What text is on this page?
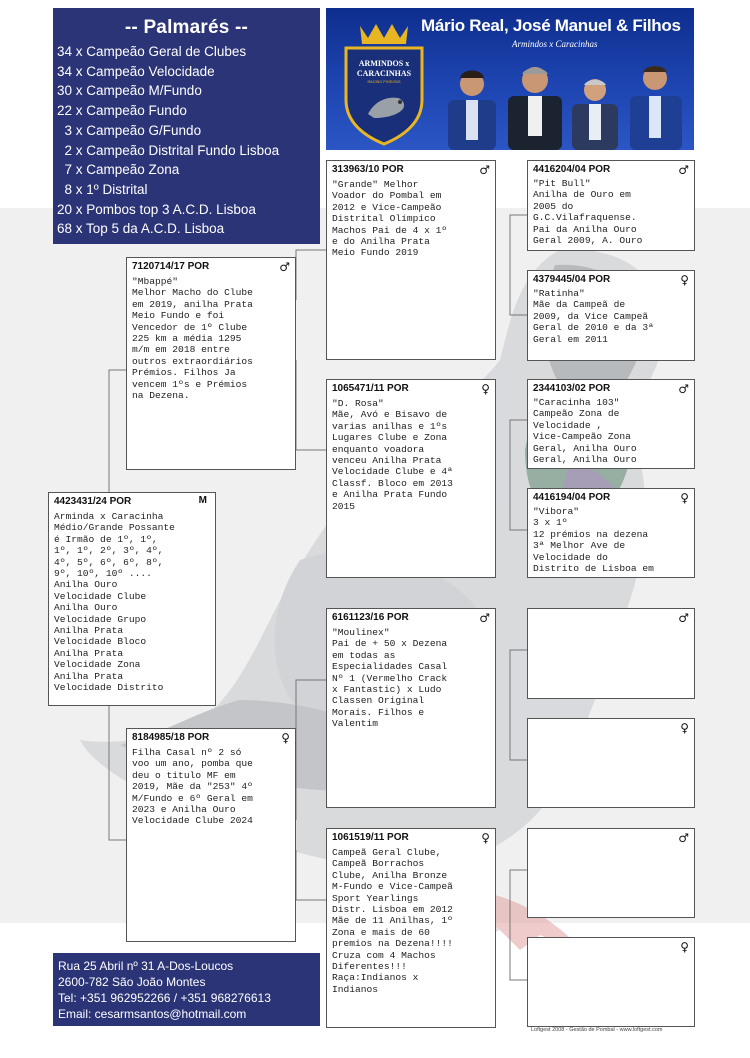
-- Palmarés --
34 x Campeão Geral de Clubes
34 x Campeão Velocidade
30 x Campeão M/Fundo
22 x Campeão Fundo
3 x Campeão G/Fundo
2 x Campeão Distrital Fundo Lisboa
7 x Campeão Zona
8 x 1º Distrital
20 x Pombos top 3 A.C.D. Lisboa
68 x Top 5 da A.C.D. Lisboa
Mário Real, José Manuel & Filhos
Armindos x Caracinhas
ARMINDOS x
CARACINHAS
RACING PIGEONS
4423431/24 POR	M
Arminda x Caracinha
Médio/Grande Possante
é Irmão de 1º, 1º,
1º, 1º, 2º, 3º, 4º,
4º, 5º, 6º, 6º, 8º,
9º, 10º, 10º ....
Anilha Ouro
Velocidade Clube
Anilha Ouro
Velocidade Grupo
Anilha Prata
Velocidade Bloco
Anilha Prata
Velocidade Zona
Anilha Prata
Velocidade Distrito
7120714/17 POR	♂
"Mbappé"
Melhor Macho do Clube
em 2019, anilha Prata
Meio Fundo e foi
Vencedor de 1º Clube
225 km a média 1295
m/m em 2018 entre
outros extraordiários
Prémios. Filhos Ja
vencem 1ºs e Prémios
na Dezena.
8184985/18 POR	♀
Filha Casal nº 2 só
voo um ano, pomba que
deu o titulo MF em
2019, Mãe da "253" 4º
M/Fundo e 6º Geral em
2023 e Anilha Ouro
Velocidade Clube 2024
313963/10 POR	♂
"Grande" Melhor
Voador do Pombal em
2012 e Vice-Campeão
Distrital Olímpico
Machos Pai de 4 x 1º
e do Anilha Prata
Meio Fundo 2019
1065471/11 POR	♀
"D. Rosa"
Mãe, Avó e Bisavo de
varias anilhas e 1ºs
Lugares Clube e Zona
enquanto voadora
venceu Anilha Prata
Velocidade Clube e 4ª
Classf. Bloco em 2013
e Anilha Prata Fundo
2015
6161123/16 POR	♂
"Moulinex"
Pai de + 50 x Dezena
em todas as
Especialidades Casal
Nº 1 (Vermelho Crack
x Fantastic) x Ludo
Classen Original
Morais. Filhos e
Valentim
1061519/11 POR	♀
Campeã Geral Clube,
Campeã Borrachos
Clube, Anilha Bronze
M-Fundo e Vice-Campeã
Sport Yearlings
Distr. Lisboa em 2012
Mãe de 11 Anilhas, 1º
Zona e mais de 60
premios na Dezena!!!!
Cruza com 4 Machos
Diferentes!!!
Raça:Indianos x
Indianos
4416204/04 POR	♂
"Pit Bull"
Anilha de Ouro em
2005 do
G.C.Vilafraquense.
Pai da Anilha Ouro
Geral 2009, A. Ouro
4379445/04 POR	♀
"Ratinha"
Mãe da Campeã de
2009, da Vice Campeã
Geral de 2010 e da 3ª
Geral em 2011
2344103/02 POR	♂
"Caracinha 103"
Campeão Zona de
Velocidade ,
Vice-Campeão Zona
Geral, Anilha Ouro
Geral, Anilha Ouro
4416194/04 POR	♀
"Vibora"
3 x 1º
12 prémios na dezena
3ª Melhor Ave de
Velocidade do
Distrito de Lisboa em
♂
♀
♂
♀
Rua 25 Abril nº 31 A-Dos-Loucos
2600-782 São João Montes
Tel: +351 962952266 / +351 968276613
Email: cesarmsantos@hotmail.com
Loftgest 2008 - Gestão de Pombal - www.loftgest.com
